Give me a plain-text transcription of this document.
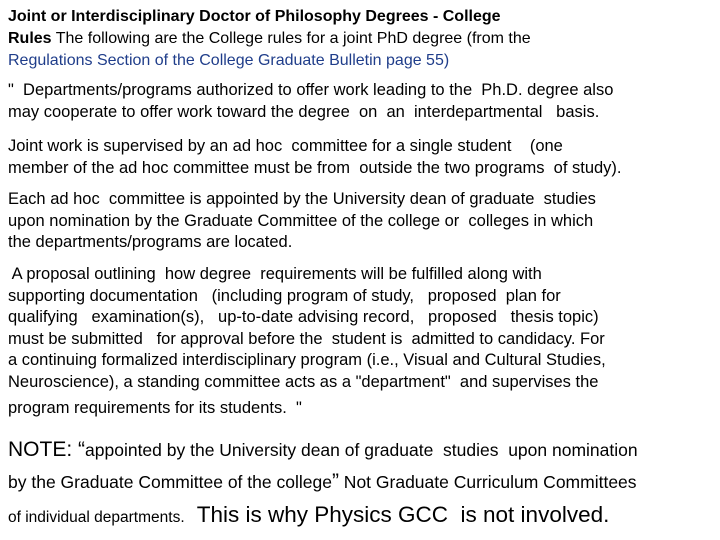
Joint or Interdisciplinary Doctor of Philosophy Degrees - College
Rules The following are the College rules for a joint PhD degree (from the
Regulations Section of the College Graduate Bulletin page 55)
"  Departments/programs authorized to offer work leading to the  Ph.D. degree also
may cooperate to offer work toward the degree  on  an  interdepartmental   basis.
Joint work is supervised by an ad hoc  committee for a single student    (one
member of the ad hoc committee must be from  outside the two programs  of study).
Each ad hoc  committee is appointed by the University dean of graduate  studies
upon nomination by the Graduate Committee of the college or  colleges in which
the departments/programs are located.
A proposal outlining  how degree  requirements will be fulfilled along with
supporting documentation   (including program of study,   proposed  plan for
qualifying   examination(s),   up-to-date advising record,   proposed   thesis topic)
must be submitted   for approval before the  student is  admitted to candidacy. For
a continuing formalized interdisciplinary program (i.e., Visual and Cultural Studies,
Neuroscience), a standing committee acts as a "department"  and supervises the
program requirements for its students.  "
NOTE: “appointed by the University dean of graduate  studies  upon nomination
by the Graduate Committee of the college” Not Graduate Curriculum Committees
of individual departments.  This is why Physics GCC  is not involved.
